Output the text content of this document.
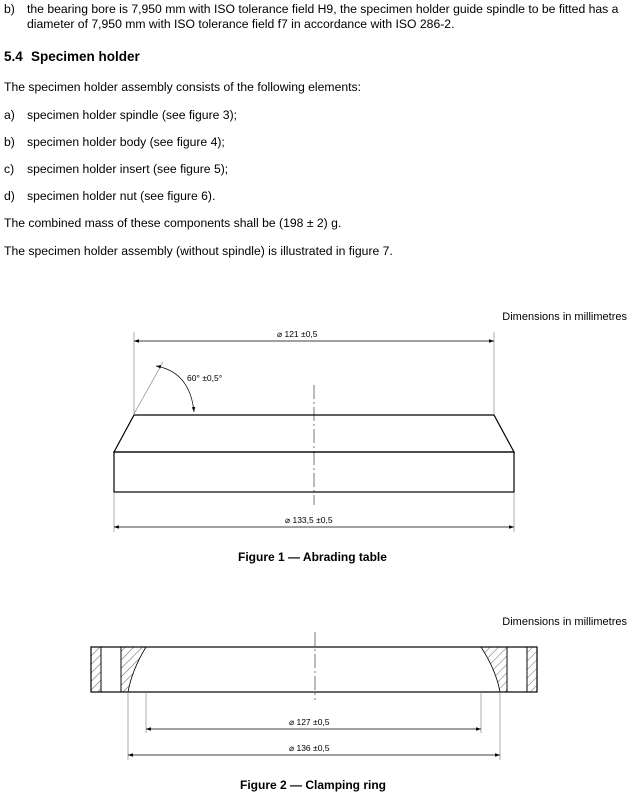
b) the bearing bore is 7,950 mm with ISO tolerance field H9, the specimen holder guide spindle to be fitted has a
diameter of 7,950 mm with ISO tolerance field f7 in accordance with ISO 286-2.
5.4 Specimen holder
The specimen holder assembly consists of the following elements:
a) specimen holder spindle (see figure 3);
b) specimen holder body (see figure 4);
c) specimen holder insert (see figure 5);
d) specimen holder nut (see figure 6).
The combined mass of these components shall be (198 ± 2) g.
The specimen holder assembly (without spindle) is illustrated in figure 7.
Dimensions in millimetres
⌀ 121 ±0,5
60° ±0,5°
⌀ 133,5 ±0,5
Figure 1 — Abrading table
Dimensions in millimetres
⌀ 127 ±0,5
⌀ 136 ±0,5
Figure 2 — Clamping ring
